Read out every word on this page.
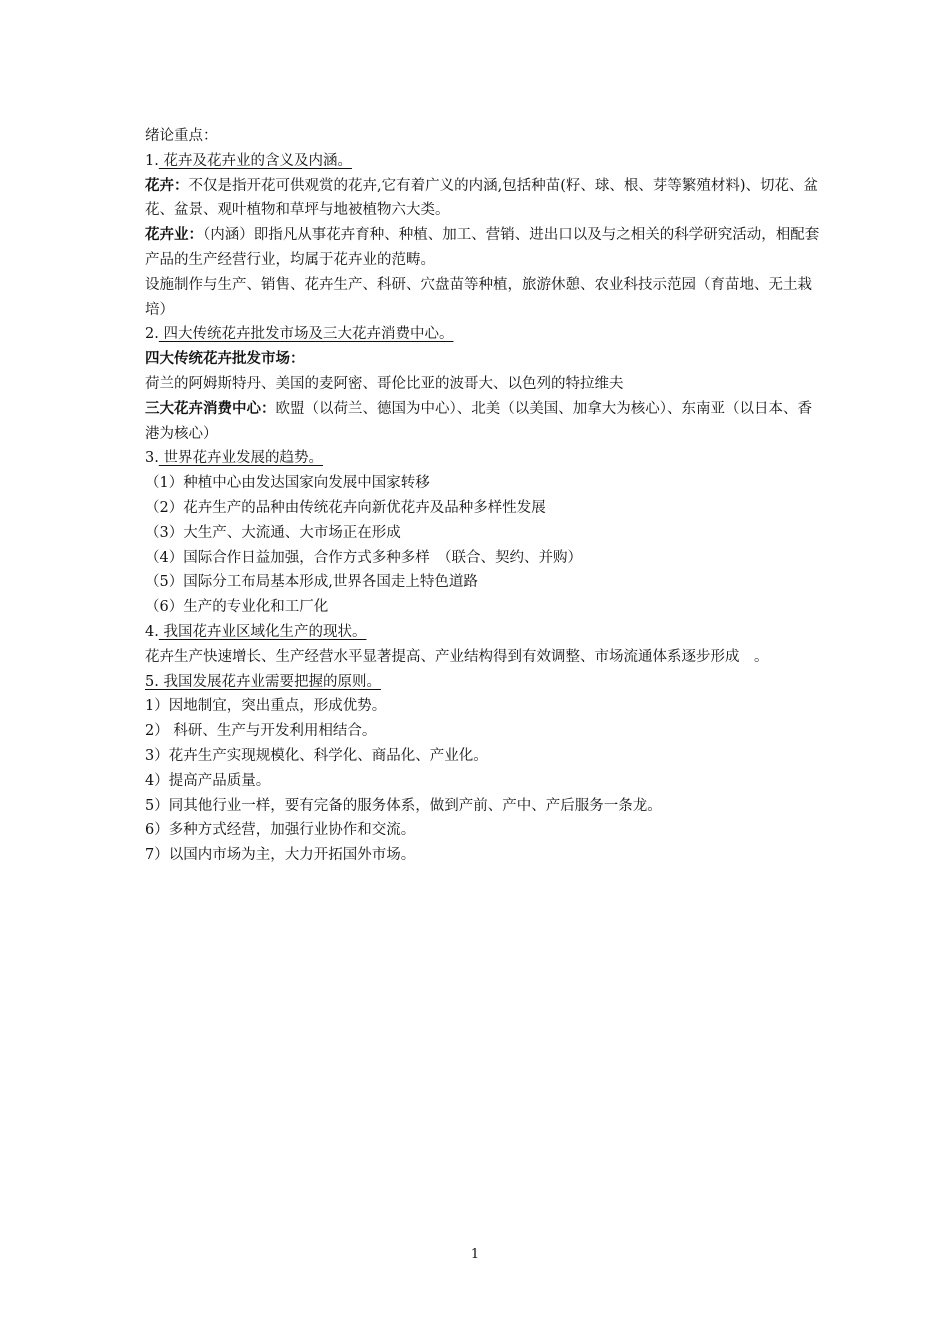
绪论重点：
1. 花卉及花卉业的含义及内涵。
花卉：不仅是指开花可供观赏的花卉,它有着广义的内涵,包括种苗(籽、球、根、芽等繁殖材料)、切花、盆花、盆景、观叶植物和草坪与地被植物六大类。
花卉业：（内涵）即指凡从事花卉育种、种植、加工、营销、进出口以及与之相关的科学研究活动，相配套产品的生产经营行业，均属于花卉业的范畴。
设施制作与生产、销售、花卉生产、科研、穴盘苗等种植，旅游休憩、农业科技示范园（育苗地、无土栽培）
2. 四大传统花卉批发市场及三大花卉消费中心。
四大传统花卉批发市场：
荷兰的阿姆斯特丹、美国的麦阿密、哥伦比亚的波哥大、以色列的特拉维夫
三大花卉消费中心：欧盟（以荷兰、德国为中心）、北美（以美国、加拿大为核心）、东南亚（以日本、香港为核心）
3. 世界花卉业发展的趋势。
（1）种植中心由发达国家向发展中国家转移
（2）花卉生产的品种由传统花卉向新优花卉及品种多样性发展
（3）大生产、大流通、大市场正在形成
（4）国际合作日益加强，合作方式多种多样　（联合、契约、并购）
（5）国际分工布局基本形成,世界各国走上特色道路
（6）生产的专业化和工厂化
4. 我国花卉业区域化生产的现状。
花卉生产快速增长、生产经营水平显著提高、产业结构得到有效调整、市场流通体系逐步形成　。
5. 我国发展花卉业需要把握的原则。
1）因地制宜，突出重点，形成优势。
2） 科研、生产与开发利用相结合。
3）花卉生产实现规模化、科学化、商品化、产业化。
4）提高产品质量。
5）同其他行业一样，要有完备的服务体系，做到产前、产中、产后服务一条龙。
6）多种方式经营，加强行业协作和交流。
7）以国内市场为主，大力开拓国外市场。
1
